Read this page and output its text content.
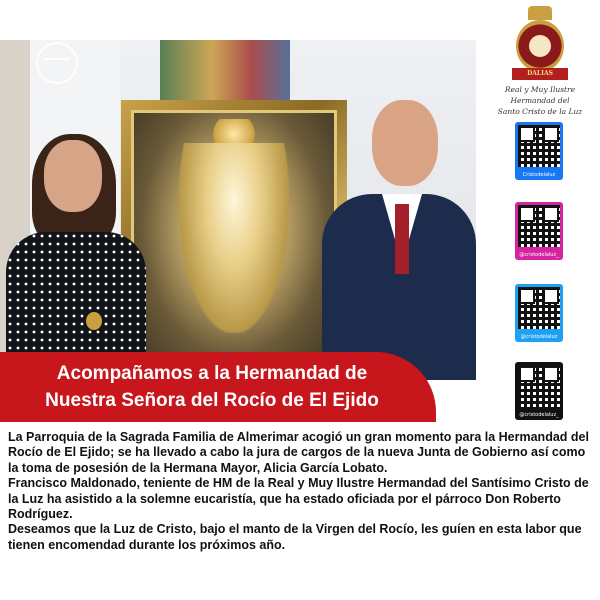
DALIAS
Real y Muy Ilustre Hermandad del
Santo Cristo de la Luz
Cristodelaluz
@cristodelaluz_
@cristodelaluz
@cristodelaluz_
Acompañamos a la Hermandad de
Nuestra Señora del Rocío de El Ejido

La Parroquia de la Sagrada Familia de Almerimar acogió un gran momento para la Hermandad del Rocío de El Ejido; se ha llevado a cabo la jura de cargos de la nueva Junta de Gobierno así como la toma de posesión de la Hermana Mayor, Alicia García Lobato.

Francisco Maldonado, teniente de HM de la Real y Muy Ilustre Hermandad del Santísimo Cristo de la Luz ha asistido a la solemne eucaristía, que ha estado oficiada por el párroco Don Roberto Rodríguez.

Deseamos que la Luz de Cristo, bajo el manto de la Virgen del Rocío, les guíen en esta labor que tienen encomendad durante los próximos año.
